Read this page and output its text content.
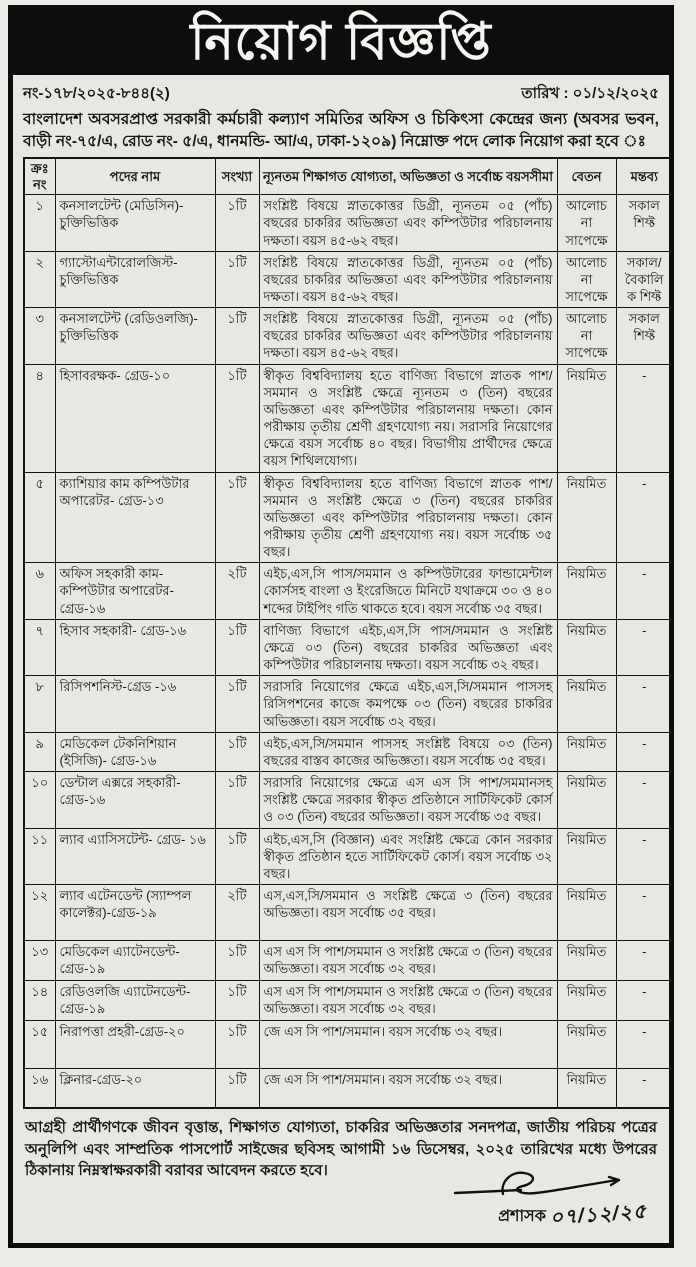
নিয়োগ বিজ্ঞপ্তি
নং-১৭৮/২০২৫-৮৪৪(২)	তারিখ : ০১/১২/২০২৫

বাংলাদেশ অবসরপ্রাপ্ত সরকারী কর্মচারী কল্যাণ সমিতির অফিস ও চিকিৎসা কেন্দ্রের জন্য (অবসর ভবন, বাড়ী নং-৭৫/এ, রোড নং- ৫/এ, ধানমন্ডি- আ/এ, ঢাকা-১২০৯) নিম্নোক্ত পদে লোক নিয়োগ করা হবে ঃ

ক্রঃ নং	পদের নাম	সংখ্যা	ন্যূনতম শিক্ষাগত যোগ্যতা, অভিজ্ঞতা ও সর্বোচ্চ বয়সসীমা	বেতন	মন্তব্য
১	কনসালটেন্ট (মেডিসিন)- চুক্তিভিত্তিক	১টি	সংশ্লিষ্ট বিষয়ে স্নাতকোত্তর ডিগ্রী, ন্যূনতম ০৫ (পাঁচ) বছরের চাকরির অভিজ্ঞতা এবং কম্পিউটার পরিচালনায় দক্ষতা। বয়স ৪৫-৬২ বছর।	আলোচনা সাপেক্ষে	সকাল শিফ্ট
২	গ্যাস্টোএন্টারোলজিস্ট- চুক্তিভিত্তিক	১টি	সংশ্লিষ্ট বিষয়ে স্নাতকোত্তর ডিগ্রী, ন্যূনতম ০৫ (পাঁচ) বছরের চাকরির অভিজ্ঞতা এবং কম্পিউটার পরিচালনায় দক্ষতা। বয়স ৪৫-৬২ বছর।	আলোচনা সাপেক্ষে	সকাল/ বৈকালিক শিফ্ট
৩	কনসালটেন্ট (রেডিওলজি)- চুক্তিভিত্তিক	১টি	সংশ্লিষ্ট বিষয়ে স্নাতকোত্তর ডিগ্রী, ন্যূনতম ০৫ (পাঁচ) বছরের চাকরির অভিজ্ঞতা এবং কম্পিউটার পরিচালনায় দক্ষতা। বয়স ৪৫-৬২ বছর।	আলোচনা সাপেক্ষে	সকাল শিফ্ট
৪	হিসাবরক্ষক- গ্রেড-১০	১টি	স্বীকৃত বিশ্ববিদ্যালয় হতে বাণিজ্য বিভাগে স্নাতক পাশ/সমমান ও সংশ্লিষ্ট ক্ষেত্রে ন্যূনতম ৩ (তিন) বছরের অভিজ্ঞতা এবং কম্পিউটার পরিচালনায় দক্ষতা। কোন পরীক্ষায় তৃতীয় শ্রেণী গ্রহণযোগ্য নয়। সরাসরি নিয়োগের ক্ষেত্রে বয়স সর্বোচ্চ ৪০ বছর। বিভাগীয় প্রার্থীদের ক্ষেত্রে বয়স শিথিলযোগ্য।	নিয়মিত	-
৫	ক্যাশিয়ার কাম কম্পিউটার অপারেটর- গ্রেড-১৩	১টি	স্বীকৃত বিশ্ববিদ্যালয় হতে বাণিজ্য বিভাগে স্নাতক পাশ/সমমান ও সংশ্লিষ্ট ক্ষেত্রে ৩ (তিন) বছরের চাকরির অভিজ্ঞতা এবং কম্পিউটার পরিচালনায় দক্ষতা। কোন পরীক্ষায় তৃতীয় শ্রেণী গ্রহণযোগ্য নয়। বয়স সর্বোচ্চ ৩৫ বছর।	নিয়মিত	-
৬	অফিস সহকারী কাম- কম্পিউটার অপারেটর- গ্রেড-১৬	২টি	এইচ,এস,সি পাস/সমমান ও কম্পিউটারের ফান্ডামেন্টাল কোর্সসহ বাংলা ও ইংরেজিতে মিনিটে যথাক্রমে ৩০ ও ৪০ শব্দের টাইপিং গতি থাকতে হবে। বয়স সর্বোচ্চ ৩৫ বছর।	নিয়মিত	-
৭	হিসাব সহকারী- গ্রেড-১৬	১টি	বাণিজ্য বিভাগে এইচ,এস,সি পাস/সমমান ও সংশ্লিষ্ট ক্ষেত্রে ০৩ (তিন) বছরের চাকরির অভিজ্ঞতা এবং কম্পিউটার পরিচালনায় দক্ষতা। বয়স সর্বোচ্চ ৩২ বছর।	নিয়মিত	-
৮	রিসিপশনিস্ট-গ্রেড -১৬	১টি	সরাসরি নিয়োগের ক্ষেত্রে এইচ,এস,সি/সমমান পাসসহ রিসিপশনের কাজে কমপক্ষে ০৩ (তিন) বছরের চাকরির অভিজ্ঞতা। বয়স সর্বোচ্চ ৩২ বছর।	নিয়মিত	-
৯	মেডিকেল টেকনিশিয়ান (ইসিজি)- গ্রেড-১৬	১টি	এইচ,এস,সি/সমমান পাসসহ সংশ্লিষ্ট বিষয়ে ০৩ (তিন) বছরের বাস্তব কাজের অভিজ্ঞতা। বয়স সর্বোচ্চ ৩৫ বছর।	নিয়মিত	-
১০	ডেন্টাল এক্সরে সহকারী- গ্রেড-১৬	১টি	সরাসরি নিয়োগের ক্ষেত্রে এস এস সি পাশ/সমমানসহ সংশ্লিষ্ট ক্ষেত্রে সরকার স্বীকৃত প্রতিষ্ঠানে সার্টিফিকেট কোর্স ও ০৩ (তিন) বছরের অভিজ্ঞতা। বয়স সর্বোচ্চ ৩৫ বছর।	নিয়মিত	-
১১	ল্যাব এ্যাসিসটেন্ট- গ্রেড- ১৬	১টি	এইচ,এস,সি (বিজ্ঞান) এবং সংশ্লিষ্ট ক্ষেত্রে কোন সরকার স্বীকৃত প্রতিষ্ঠান হতে সার্টিফিকেট কোর্স। বয়স সর্বোচ্চ ৩২ বছর।	নিয়মিত	-
১২	ল্যাব এটেনডেন্ট (স্যাম্পল কালেক্টর)-গ্রেড-১৯	২টি	এস,এস,সি/সমমান ও সংশ্লিষ্ট ক্ষেত্রে ৩ (তিন) বছরের অভিজ্ঞতা। বয়স সর্বোচ্চ ৩৫ বছর।	নিয়মিত	-
১৩	মেডিকেল এ্যাটেনডেন্ট- গ্রেড-১৯	১টি	এস এস সি পাশ/সমমান ও সংশ্লিষ্ট ক্ষেত্রে ৩ (তিন) বছরের অভিজ্ঞতা। বয়স সর্বোচ্চ ৩২ বছর।	নিয়মিত	-
১৪	রেডিওলজি এ্যাটেনডেন্ট- গ্রেড-১৯	১টি	এস এস সি পাশ/সমমান ও সংশ্লিষ্ট ক্ষেত্রে ৩ (তিন) বছরের অভিজ্ঞতা। বয়স সর্বোচ্চ ৩২ বছর।	নিয়মিত	-
১৫	নিরাপত্তা প্রহরী-গ্রেড-২০	১টি	জে এস সি পাশ/সমমান। বয়স সর্বোচ্চ ৩২ বছর।	নিয়মিত	-
১৬	ক্লিনার-গ্রেড-২০	১টি	জে এস সি পাশ/সমমান। বয়স সর্বোচ্চ ৩২ বছর।	নিয়মিত	-

আগ্রহী প্রার্থীগণকে জীবন বৃত্তান্ত, শিক্ষাগত যোগ্যতা, চাকরির অভিজ্ঞতার সনদপত্র, জাতীয় পরিচয় পত্রের অনুলিপি এবং সাম্প্রতিক পাসপোর্ট সাইজের ছবিসহ আগামী ১৬ ডিসেম্বর, ২০২৫ তারিখের মধ্যে উপরের ঠিকানায় নিম্নস্বাক্ষরকারী বরাবর আবেদন করতে হবে।

প্রশাসক ০৭/১২/২৫
